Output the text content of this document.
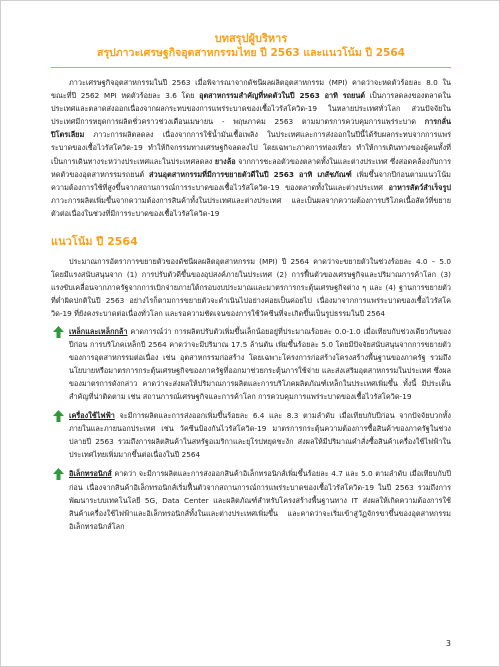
บทสรุปผู้บริหาร
สรุปภาวะเศรษฐกิจอุตสาหกรรมไทย ปี 2563 และแนวโน้ม ปี 2564

ภาวะเศรษฐกิจอุตสาหกรรมในปี 2563 เมื่อพิจารณาจากดัชนีผลผลิตอุตสาหกรรม (MPI) คาดว่าจะหดตัวร้อยละ 8.0 ในขณะที่ปี 2562 MPI หดตัวร้อยละ 3.6 โดย อุตสาหกรรมสำคัญที่หดตัวในปี 2563 อาทิ รถยนต์ เป็นการลดลงของตลาดในประเทศและตลาดส่งออกเนื่องจากผลกระทบของการแพร่ระบาดของเชื้อไวรัสโควิด-19 ในหลายประเทศทั่วโลก ส่วนปัจจัยในประเทศมีการหยุดการผลิตชั่วคราวช่วงเดือนเมษายน - พฤษภาคม 2563 ตามมาตรการควบคุมการแพร่ระบาด การกลั่นปิโตรเลียม ภาวะการผลิตลดลง เนื่องจากการใช้น้ำมันเชื้อเพลิง ในประเทศและการส่งออกในปีนี้ได้รับผลกระทบจากการแพร่ระบาดของเชื้อไวรัสโควิด-19 ทำให้กิจกรรมทางเศรษฐกิจลดลงไป โดยเฉพาะภาคการท่องเที่ยว ทำให้การเดินทางของผู้คนทั้งที่เป็นการเดินทางระหว่างประเทศและในประเทศลดลง ยางล้อ จากการชะลอตัวของตลาดทั้งในและต่างประเทศ ซึ่งสอดคล้องกับการหดตัวของอุตสาหกรรมรถยนต์ ส่วนอุตสาหกรรมที่มีการขยายตัวดีในปี 2563 อาทิ เภสัชภัณฑ์ เพิ่มขึ้นจากปีก่อนตามแนวโน้มความต้องการใช้ที่สูงขึ้นจากสถานการณ์การระบาดของเชื้อไวรัสโควิด-19 ของตลาดทั้งในและต่างประเทศ อาหารสัตว์สำเร็จรูป ภาวะการผลิตเพิ่มขึ้นจากความต้องการสินค้าทั้งในประเทศและต่างประเทศ และเป็นผลจากความต้องการบริโภคเนื้อสัตว์ที่ขยายตัวต่อเนื่องในช่วงที่มีการระบาดของเชื้อไวรัสโควิด-19

แนวโน้ม ปี 2564

ประมาณการอัตราการขยายตัวของดัชนีผลผลิตอุตสาหกรรม (MPI) ปี 2564 คาดว่าจะขยายตัวในช่วงร้อยละ 4.0 – 5.0 โดยมีแรงสนับสนุนจาก (1) การปรับตัวดีขึ้นของอุปสงค์ภายในประเทศ (2) การฟื้นตัวของเศรษฐกิจและปริมาณการค้าโลก (3) แรงขับเคลื่อนจากภาครัฐจากการเบิกจ่ายภายใต้กรอบงบประมาณและมาตรการกระตุ้นเศรษฐกิจต่าง ๆ และ (4) ฐานการขยายตัวที่ต่ำผิดปกติในปี 2563 อย่างไรก็ตามการขยายตัวจะดำเนินไปอย่างค่อยเป็นค่อยไป เนื่องมาจากการแพร่ระบาดของเชื้อไวรัสโควิด-19 ที่ยังคงระบาดต่อเนื่องทั่วโลก และรอความชัดเจนของการใช้วัคซีนที่จะเกิดขึ้นเป็นรูปธรรมในปี 2564

เหล็กและเหล็กกล้า คาดการณ์ว่า การผลิตปรับตัวเพิ่มขึ้นเล็กน้อยอยู่ที่ประมาณร้อยละ 0.0-1.0 เมื่อเทียบกับช่วงเดียวกันของปีก่อน การบริโภคเหล็กปี 2564 คาดว่าจะมีปริมาณ 17.5 ล้านตัน เพิ่มขึ้นร้อยละ 5.0 โดยมีปัจจัยสนับสนุนจากการขยายตัวของการอุตสาหกรรมต่อเนื่อง เช่น อุตสาหกรรมก่อสร้าง โดยเฉพาะโครงการก่อสร้างโครงสร้างพื้นฐานของภาครัฐ รวมถึงนโยบายหรือมาตรการกระตุ้นเศรษฐกิจของภาครัฐที่ออกมาช่วยกระตุ้นการใช้จ่าย และส่งเสริมอุตสาหกรรมในประเทศ ซึ่งผลของมาตรการดังกล่าว คาดว่าจะส่งผลให้ปริมาณการผลิตและการบริโภคผลิตภัณฑ์เหล็กในประเทศเพิ่มขึ้น ทั้งนี้ มีประเด็นสำคัญที่น่าติดตาม เช่น สถานการณ์เศรษฐกิจและการค้าโลก การควบคุมการแพร่ระบาดของเชื้อไวรัสโควิด-19
เครื่องใช้ไฟฟ้า จะมีการผลิตและการส่งออกเพิ่มขึ้นร้อยละ 6.4 และ 8.3 ตามลำดับ เมื่อเทียบกับปีก่อน จากปัจจัยบวกทั้งภายในและภายนอกประเทศ เช่น วัคซีนป้องกันไวรัสโควิด-19 มาตรการกระตุ้นความต้องการซื้อสินค้าของภาครัฐในช่วงปลายปี 2563 รวมถึงการผลิตสินค้าในสหรัฐอเมริกาและยุโรปหยุดชะงัก ส่งผลให้มีปริมาณคำสั่งซื้อสินค้าเครื่องใช้ไฟฟ้าในประเทศไทยเพิ่มมากขึ้นต่อเนื่องในปี 2564
อิเล็กทรอนิกส์ คาดว่า จะมีการผลิตและการส่งออกสินค้าอิเล็กทรอนิกส์เพิ่มขึ้นร้อยละ 4.7 และ 5.0 ตามลำดับ เมื่อเทียบกับปีก่อน เนื่องจากสินค้าอิเล็กทรอนิกส์เริ่มฟื้นตัวจากสถานการณ์การแพร่ระบาดของเชื้อไวรัสโควิด-19 ในปี 2563 รวมถึงการพัฒนาระบบเทคโนโลยี 5G, Data Center และผลิตภัณฑ์สำหรับโครงสร้างพื้นฐานทาง IT ส่งผลให้เกิดความต้องการใช้สินค้าเครื่องใช้ไฟฟ้าและอิเล็กทรอนิกส์ทั้งในและต่างประเทศเพิ่มขึ้น และคาดว่าจะเริ่มเข้าสู่วัฏจักรขาขึ้นของอุตสาหกรรมอิเล็กทรอนิกส์โลก
3
